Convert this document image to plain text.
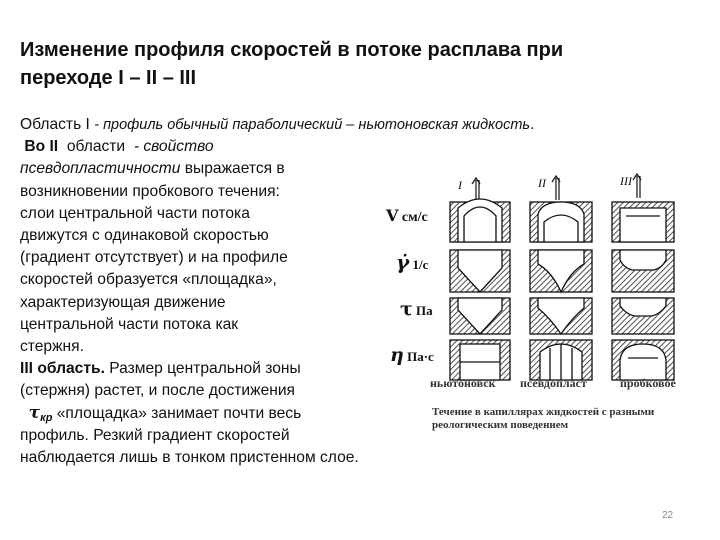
Изменение профиля скоростей в потоке расплава при
переходе I – II – III
Область I - профиль обычный параболический – ньютоновская жидкость.
Во II области - свойство
псевдопластичности выражается в
возникновении пробкового течения:
слои центральной части потока
движутся с одинаковой скоростью
(градиент отсутствует) и на профиле
скоростей образуется «площадка»,
характеризующая движение
центральной части потока как
стержня.
III область. Размер центральной зоны
(стержня) растет, и после достижения
$\tau_{кр}$ «площадка» занимает почти весь
профиль. Резкий градиент скоростей
наблюдается лишь в тонком пристенном слое.
I	II	III
V см/с
γ̇ 1/с
τ Па
η Па·с
ньютоновск псевдопласт	пробковое
Течение в капиллярах жидкостей с разными
реологическим поведением
22
